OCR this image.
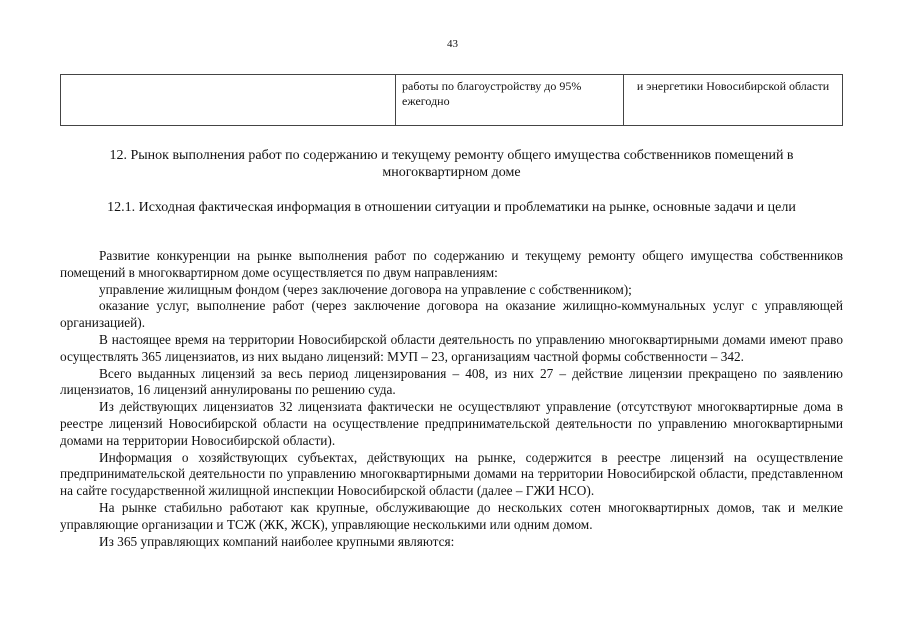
43
	работы по благоустройству до 95% ежегодно	и энергетики Новосибирской области
12. Рынок выполнения работ по содержанию и текущему ремонту общего имущества собственников помещений в многоквартирном доме
12.1. Исходная фактическая информация в отношении ситуации и проблематики на рынке, основные задачи и цели

Развитие конкуренции на рынке выполнения работ по содержанию и текущему ремонту общего имущества собственников помещений в многоквартирном доме осуществляется по двум направлениям:

управление жилищным фондом (через заключение договора на управление с собственником);

оказание услуг, выполнение работ (через заключение договора на оказание жилищно-коммунальных услуг с управляющей организацией).

В настоящее время на территории Новосибирской области деятельность по управлению многоквартирными домами имеют право осуществлять 365 лицензиатов, из них выдано лицензий: МУП – 23, организациям частной формы собственности – 342.

Всего выданных лицензий за весь период лицензирования – 408, из них 27 – действие лицензии прекращено по заявлению лицензиатов, 16 лицензий аннулированы по решению суда.

Из действующих лицензиатов 32 лицензиата фактически не осуществляют управление (отсутствуют многоквартирные дома в реестре лицензий Новосибирской области на осуществление предпринимательской деятельности по управлению многоквартирными домами на территории Новосибирской области).

Информация о хозяйствующих субъектах, действующих на рынке, содержится в реестре лицензий на осуществление предпринимательской деятельности по управлению многоквартирными домами на территории Новосибирской области, представленном на сайте государственной жилищной инспекции Новосибирской области (далее – ГЖИ НСО).

На рынке стабильно работают как крупные, обслуживающие до нескольких сотен многоквартирных домов, так и мелкие управляющие организации и ТСЖ (ЖК, ЖСК), управляющие несколькими или одним домом.

Из 365 управляющих компаний наиболее крупными являются:
